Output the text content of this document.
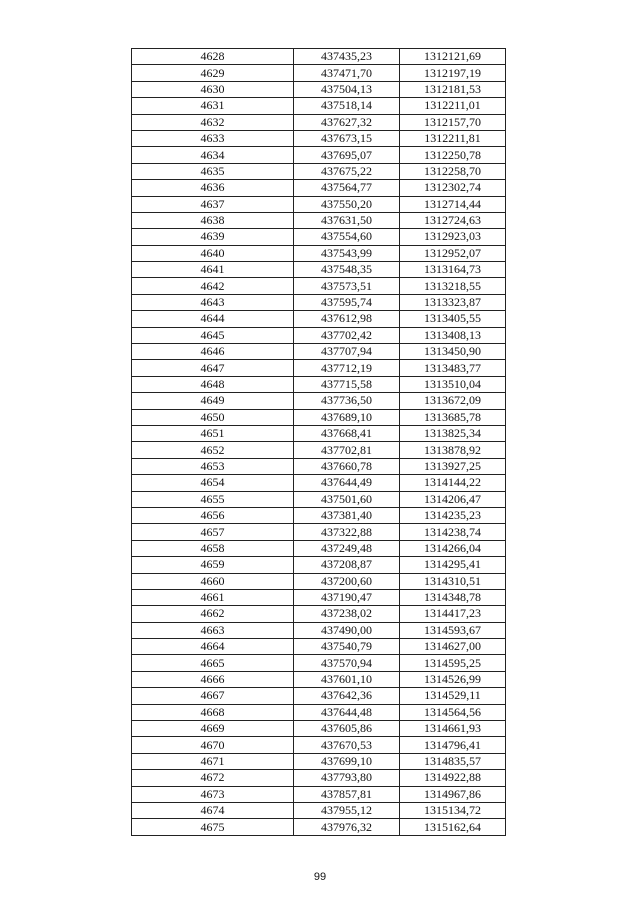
4628	437435,23	1312121,69
4629	437471,70	1312197,19
4630	437504,13	1312181,53
4631	437518,14	1312211,01
4632	437627,32	1312157,70
4633	437673,15	1312211,81
4634	437695,07	1312250,78
4635	437675,22	1312258,70
4636	437564,77	1312302,74
4637	437550,20	1312714,44
4638	437631,50	1312724,63
4639	437554,60	1312923,03
4640	437543,99	1312952,07
4641	437548,35	1313164,73
4642	437573,51	1313218,55
4643	437595,74	1313323,87
4644	437612,98	1313405,55
4645	437702,42	1313408,13
4646	437707,94	1313450,90
4647	437712,19	1313483,77
4648	437715,58	1313510,04
4649	437736,50	1313672,09
4650	437689,10	1313685,78
4651	437668,41	1313825,34
4652	437702,81	1313878,92
4653	437660,78	1313927,25
4654	437644,49	1314144,22
4655	437501,60	1314206,47
4656	437381,40	1314235,23
4657	437322,88	1314238,74
4658	437249,48	1314266,04
4659	437208,87	1314295,41
4660	437200,60	1314310,51
4661	437190,47	1314348,78
4662	437238,02	1314417,23
4663	437490,00	1314593,67
4664	437540,79	1314627,00
4665	437570,94	1314595,25
4666	437601,10	1314526,99
4667	437642,36	1314529,11
4668	437644,48	1314564,56
4669	437605,86	1314661,93
4670	437670,53	1314796,41
4671	437699,10	1314835,57
4672	437793,80	1314922,88
4673	437857,81	1314967,86
4674	437955,12	1315134,72
4675	437976,32	1315162,64
99
